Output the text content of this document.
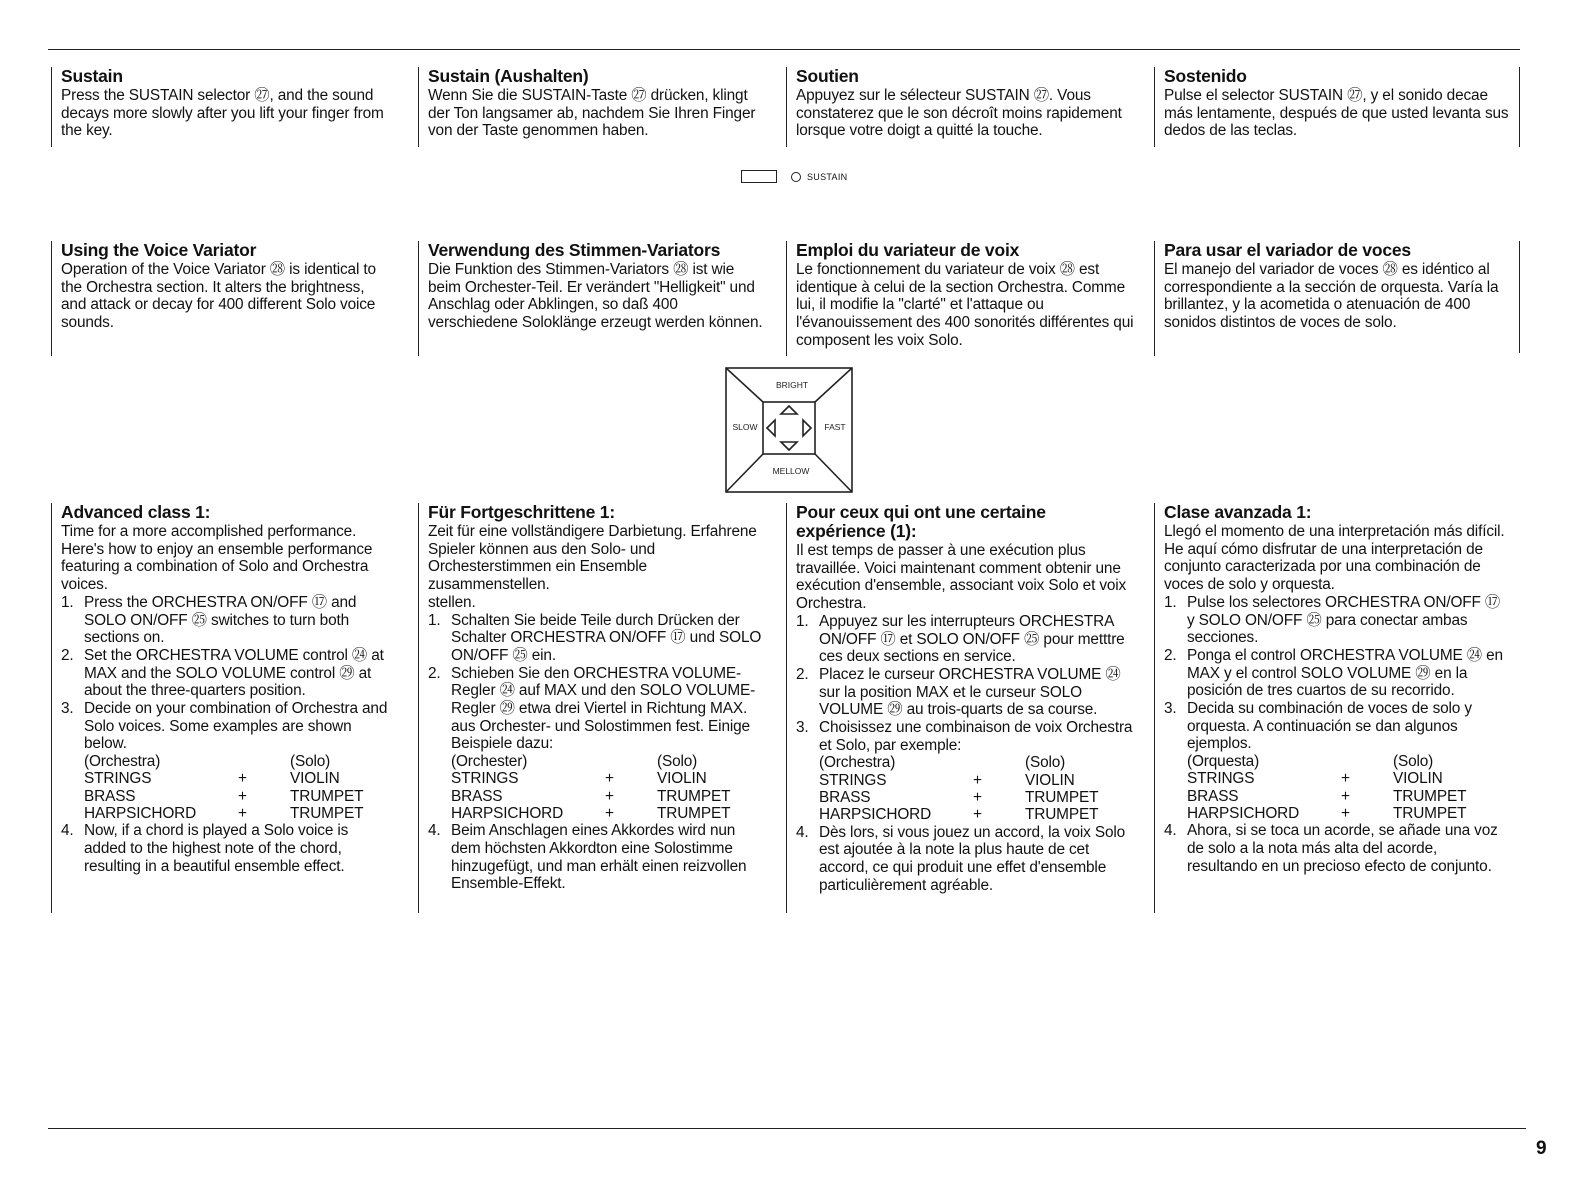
Sustain

Press the SUSTAIN selector ㉗, and the sound decays more slowly after you lift your finger from the key.

Sustain (Aushalten)

Wenn Sie die SUSTAIN-Taste ㉗ drücken, klingt der Ton langsamer ab, nachdem Sie Ihren Finger von der Taste genommen haben.

Soutien

Appuyez sur le sélecteur SUSTAIN ㉗. Vous constaterez que le son décroît moins rapidement lorsque votre doigt a quitté la touche.

Sostenido

Pulse el selector SUSTAIN ㉗, y el sonido decae más lentamente, después de que usted levanta sus dedos de las teclas.

SUSTAIN
Using the Voice Variator

Operation of the Voice Variator ㉘ is identical to the Orchestra section. It alters the brightness, and attack or decay for 400 different Solo voice sounds.

Verwendung des Stimmen-Variators

Die Funktion des Stimmen-Variators ㉘ ist wie beim Orchester-Teil. Er verändert "Helligkeit" und Anschlag oder Abklingen, so daß 400 verschiedene Soloklänge erzeugt werden können.

Emploi du variateur de voix

Le fonctionnement du variateur de voix ㉘ est identique à celui de la section Orchestra. Comme lui, il modifie la "clarté" et l'attaque ou l'évanouissement des 400 sonorités différentes qui composent les voix Solo.

Para usar el variador de voces

El manejo del variador de voces ㉘ es idéntico al correspondiente a la sección de orquesta. Varía la brillantez, y la acometida o atenuación de 400 sonidos distintos de voces de solo.

BRIGHT
MELLOW
SLOW	FAST
Advanced class 1:

Time for a more accomplished performance. Here's how to enjoy an ensemble performance featuring a combination of Solo and Orchestra voices.

1. Press the ORCHESTRA ON/OFF ⑰ and SOLO ON/OFF ㉕ switches to turn both sections on.
2. Set the ORCHESTRA VOLUME control ㉔ at MAX and the SOLO VOLUME control ㉙ at about the three-quarters position.
3. Decide on your combination of Orchestra and Solo voices. Some examples are shown below.
(Orchestra)	(Solo)
STRINGS	+	VIOLIN
BRASS	+	TRUMPET
HARPSICHORD	+	TRUMPET
4. Now, if a chord is played a Solo voice is added to the highest note of the chord, resulting in a beautiful ensemble effect.
Für Fortgeschrittene 1:

Zeit für eine vollständigere Darbietung. Erfahrene Spieler können aus den Solo- und Orchesterstimmen ein Ensemble zusammenstellen.

stellen.

1. Schalten Sie beide Teile durch Drücken der Schalter ORCHESTRA ON/OFF ⑰ und SOLO ON/OFF ㉕ ein.
2. Schieben Sie den ORCHESTRA VOLUME-Regler ㉔ auf MAX und den SOLO VOLUME-Regler ㉙ etwa drei Viertel in Richtung MAX.
aus Orchester- und Solostimmen fest. Einige Beispiele dazu:
(Orchester)	(Solo)
STRINGS	+	VIOLIN
BRASS	+	TRUMPET
HARPSICHORD	+	TRUMPET
4. Beim Anschlagen eines Akkordes wird nun dem höchsten Akkordton eine Solostimme hinzugefügt, und man erhält einen reizvollen Ensemble-Effekt.
Pour ceux qui ont une certaine expérience (1):

Il est temps de passer à une exécution plus travaillée. Voici maintenant comment obtenir une exécution d'ensemble, associant voix Solo et voix Orchestra.

1. Appuyez sur les interrupteurs ORCHESTRA ON/OFF ⑰ et SOLO ON/OFF ㉕ pour metttre ces deux sections en service.
2. Placez le curseur ORCHESTRA VOLUME ㉔ sur la position MAX et le curseur SOLO VOLUME ㉙ au trois-quarts de sa course.
3. Choisissez une combinaison de voix Orchestra et Solo, par exemple:
(Orchestra)	(Solo)
STRINGS	+	VIOLIN
BRASS	+	TRUMPET
HARPSICHORD	+	TRUMPET
4. Dès lors, si vous jouez un accord, la voix Solo est ajoutée à la note la plus haute de cet accord, ce qui produit une effet d'ensemble particulièrement agréable.
Clase avanzada 1:

Llegó el momento de una interpretación más difícil. He aquí cómo disfrutar de una interpretación de conjunto caracterizada por una combinación de voces de solo y orquesta.

1. Pulse los selectores ORCHESTRA ON/OFF ⑰ y SOLO ON/OFF ㉕ para conectar ambas secciones.
2. Ponga el control ORCHESTRA VOLUME ㉔ en MAX y el control SOLO VOLUME ㉙ en la posición de tres cuartos de su recorrido.
3. Decida su combinación de voces de solo y orquesta. A continuación se dan algunos ejemplos.
(Orquesta)	(Solo)
STRINGS	+	VIOLIN
BRASS	+	TRUMPET
HARPSICHORD	+	TRUMPET
4. Ahora, si se toca un acorde, se añade una voz de solo a la nota más alta del acorde, resultando en un precioso efecto de conjunto.
9
